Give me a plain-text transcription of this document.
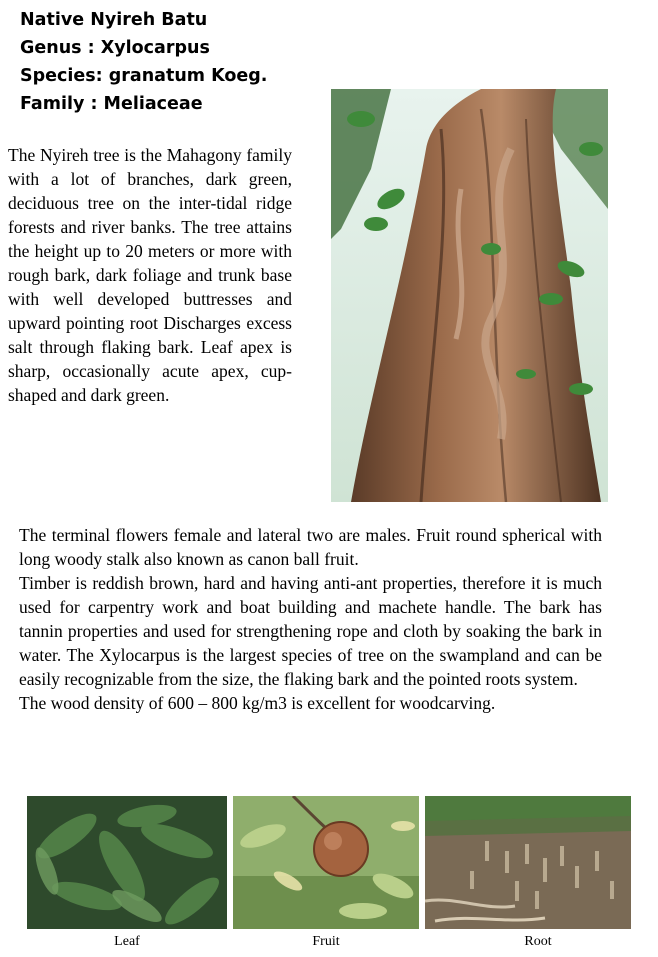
Native Nyireh Batu
Genus : Xylocarpus
Species: granatum Koeg.
Family : Meliaceae

The Nyireh tree is the Mahagony family with a lot of branches, dark green, deciduous tree on the inter-tidal ridge forests and river banks. The tree attains the height up to 20 meters or more with rough bark, dark foliage and trunk base with well developed buttresses and upward pointing root Discharges excess salt through flaking bark. Leaf apex is sharp, occasionally acute apex, cup-shaped and dark green.

The terminal flowers female and lateral two are males. Fruit round spherical with long woody stalk also known as canon ball fruit.

Timber is reddish brown, hard and having anti-ant properties, therefore it is much used for carpentry work and boat building and machete handle. The bark has tannin properties and used for strengthening rope and cloth by soaking the bark in water. The Xylocarpus is the largest species of tree on the swampland and can be easily recognizable from the size, the flaking bark and the pointed roots system.

The wood density of 600 – 800 kg/m3 is excellent for woodcarving.

Leaf	Fruit	Root
